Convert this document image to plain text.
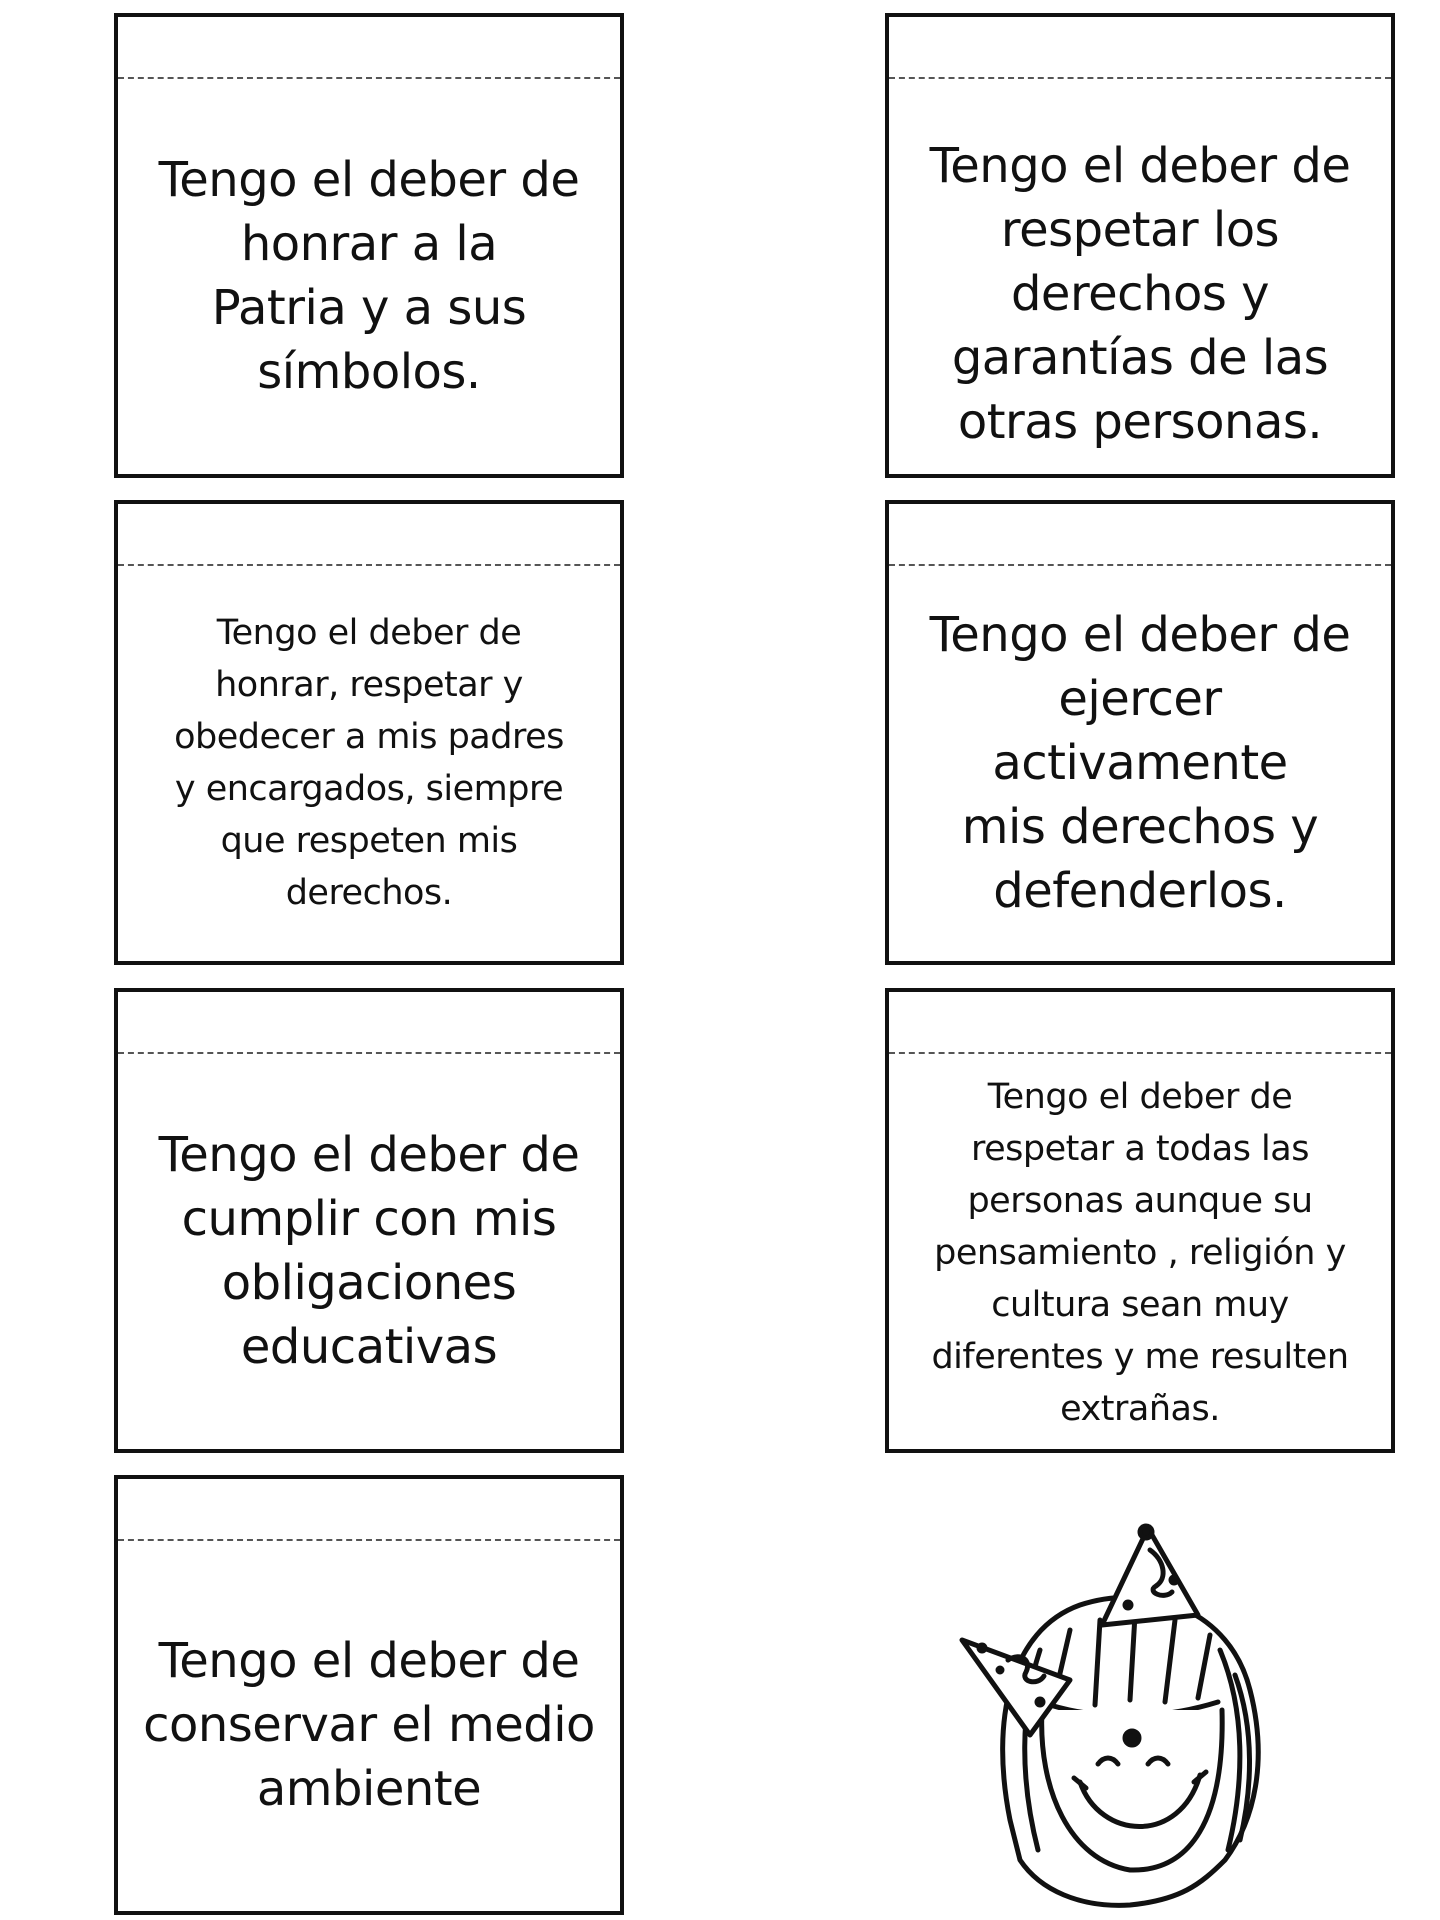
Tengo el deber de
honrar a la
Patria y a sus
símbolos.
Tengo el deber de
respetar los
derechos y
garantías de las
otras personas.
Tengo el deber de
honrar, respetar y
obedecer a mis padres
y encargados, siempre
que respeten mis
derechos.
Tengo el deber de
ejercer activamente
mis derechos y
defenderlos.
Tengo el deber de
cumplir con mis
obligaciones
educativas
Tengo el deber de
respetar a todas las
personas aunque su
pensamiento , religión y
cultura sean muy
diferentes y me resulten
extrañas.
Tengo el deber de
conservar el medio
ambiente
